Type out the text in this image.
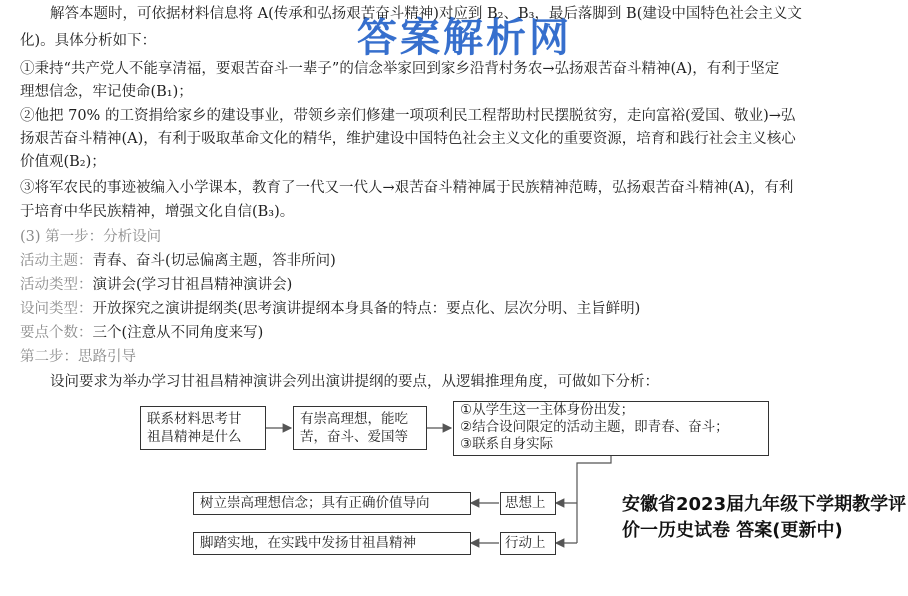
答案解析网
解答本题时，可依据材料信息将 A(传承和弘扬艰苦奋斗精神)对应到 B₂、B₃，最后落脚到 B(建设中国特色社会主义文
化)。具体分析如下：
①秉持“共产党人不能享清福，要艰苦奋斗一辈子”的信念举家回到家乡沿背村务农→弘扬艰苦奋斗精神(A)，有利于坚定
理想信念，牢记使命(B₁)；
②他把 70% 的工资捐给家乡的建设事业，带领乡亲们修建一项项利民工程帮助村民摆脱贫穷，走向富裕(爱国、敬业)→弘
扬艰苦奋斗精神(A)，有利于吸取革命文化的精华，维护建设中国特色社会主义文化的重要资源，培育和践行社会主义核心
价值观(B₂)；
③将军农民的事迹被编入小学课本，教育了一代又一代人→艰苦奋斗精神属于民族精神范畴，弘扬艰苦奋斗精神(A)，有利
于培育中华民族精神，增强文化自信(B₃)。
(3) 第一步：分析设问
活动主题：青春、奋斗(切忌偏离主题，答非所问)
活动类型：演讲会(学习甘祖昌精神演讲会)
设问类型：开放探究之演讲提纲类(思考演讲提纲本身具备的特点：要点化、层次分明、主旨鲜明)
要点个数：三个(注意从不同角度来写)
第二步：思路引导
设问要求为举办学习甘祖昌精神演讲会列出演讲提纲的要点，从逻辑推理角度，可做如下分析：
联系材料思考甘
祖昌精神是什么
有崇高理想，能吃
苦，奋斗、爱国等
①从学生这一主体身份出发；
②结合设问限定的活动主题，即青春、奋斗；
③联系自身实际
思想上
行动上
树立崇高理想信念；具有正确价值导向
脚踏实地，在实践中发扬甘祖昌精神
安徽省2023届九年级下学期教学评价一历史试卷 答案(更新中)
